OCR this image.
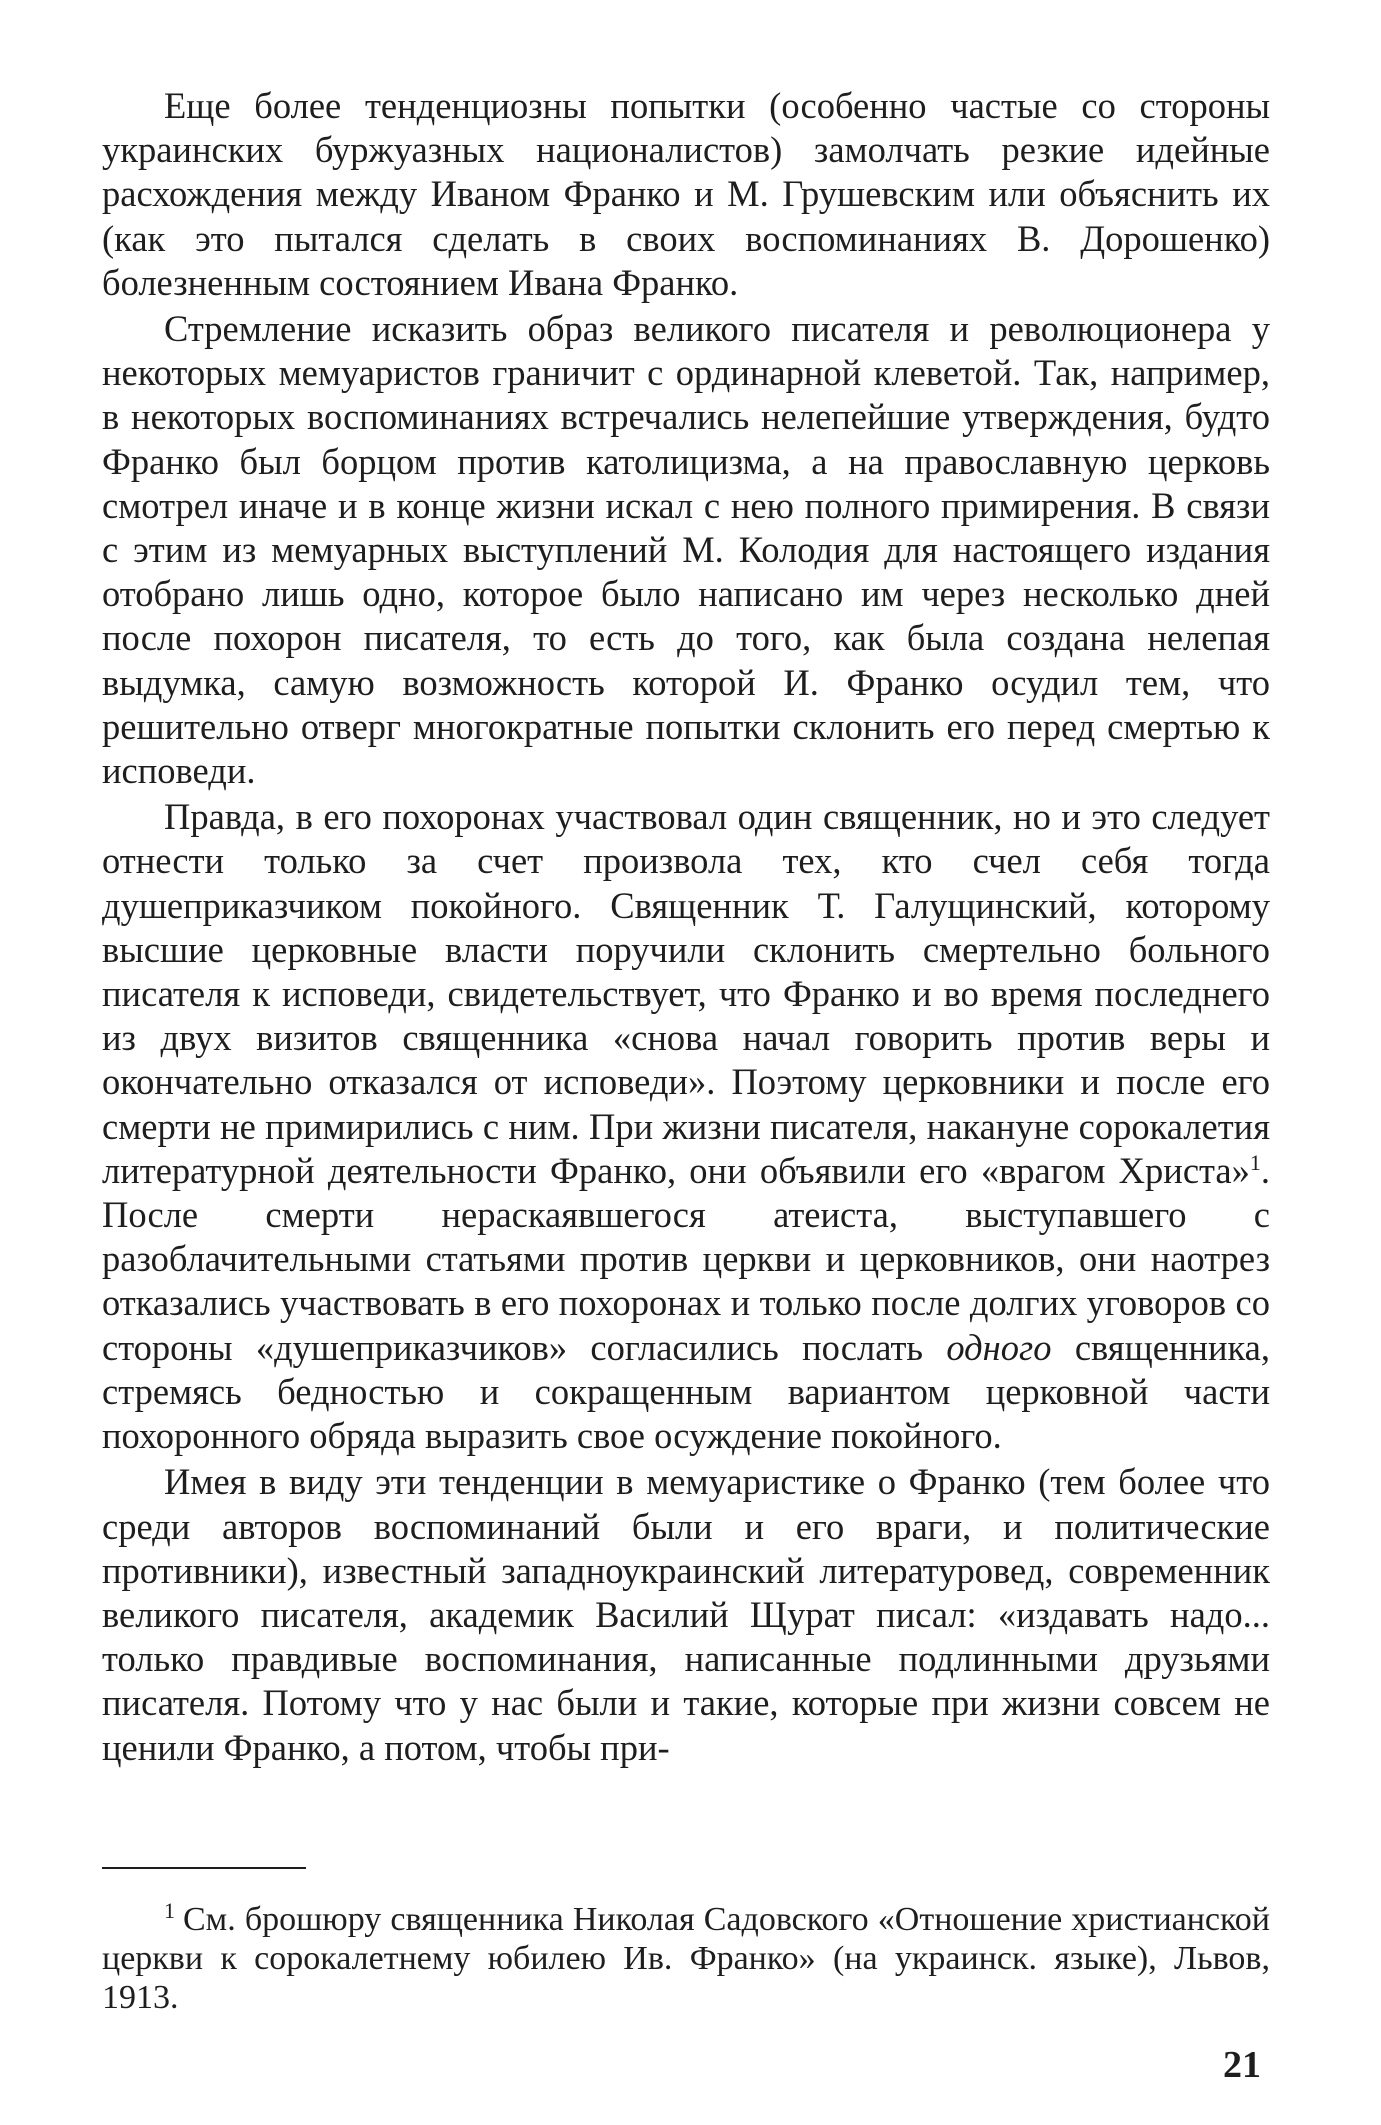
Еще более тенденциозны попытки (особенно частые со стороны украинских буржуазных националистов) замолчать резкие идейные расхождения между Иваном Франко и М. Грушевским или объяснить их (как это пытался сделать в своих воспоминаниях В. Дорошенко) болезненным состоянием Ивана Франко.

Стремление исказить образ великого писателя и революционера у некоторых мемуаристов граничит с ординарной клеветой. Так, например, в некоторых воспоминаниях встречались нелепейшие утверждения, будто Франко был борцом против католицизма, а на православную церковь смотрел иначе и в конце жизни искал с нею полного примирения. В связи с этим из мемуарных выступлений М. Колодия для настоящего издания отобрано лишь одно, которое было написано им через несколько дней после похорон писателя, то есть до того, как была создана нелепая выдумка, самую возможность которой И. Франко осудил тем, что решительно отверг многократные попытки склонить его перед смертью к исповеди.

Правда, в его похоронах участвовал один священник, но и это следует отнести только за счет произвола тех, кто счел себя тогда душеприказчиком покойного. Священник Т. Галущинский, которому высшие церковные власти поручили склонить смертельно больного писателя к исповеди, свидетельствует, что Франко и во время последнего из двух визитов священника «снова начал говорить против веры и окончательно отказался от исповеди». Поэтому церковники и после его смерти не примирились с ним. При жизни писателя, накануне сорокалетия литературной деятельности Франко, они объявили его «врагом Христа»$^1$. После смерти нераскаявшегося атеиста, выступавшего с разоблачительными статьями против церкви и церковников, они наотрез отказались участвовать в его похоронах и только после долгих уговоров со стороны «душеприказчиков» согласились послать одного священника, стремясь бедностью и сокращенным вариантом церковной части похоронного обряда выразить свое осуждение покойного.

Имея в виду эти тенденции в мемуаристике о Франко (тем более что среди авторов воспоминаний были и его враги, и политические противники), известный западноукраинский литературовед, современник великого писателя, академик Василий Щурат писал: «издавать надо... только правдивые воспоминания, написанные подлинными друзьями писателя. Потому что у нас были и такие, которые при жизни совсем не ценили Франко, а потом, чтобы при-

$^1$ См. брошюру священника Николая Садовского «Отношение христианской церкви к сорокалетнему юбилею Ив. Франко» (на украинск. языке), Львов, 1913.

21
